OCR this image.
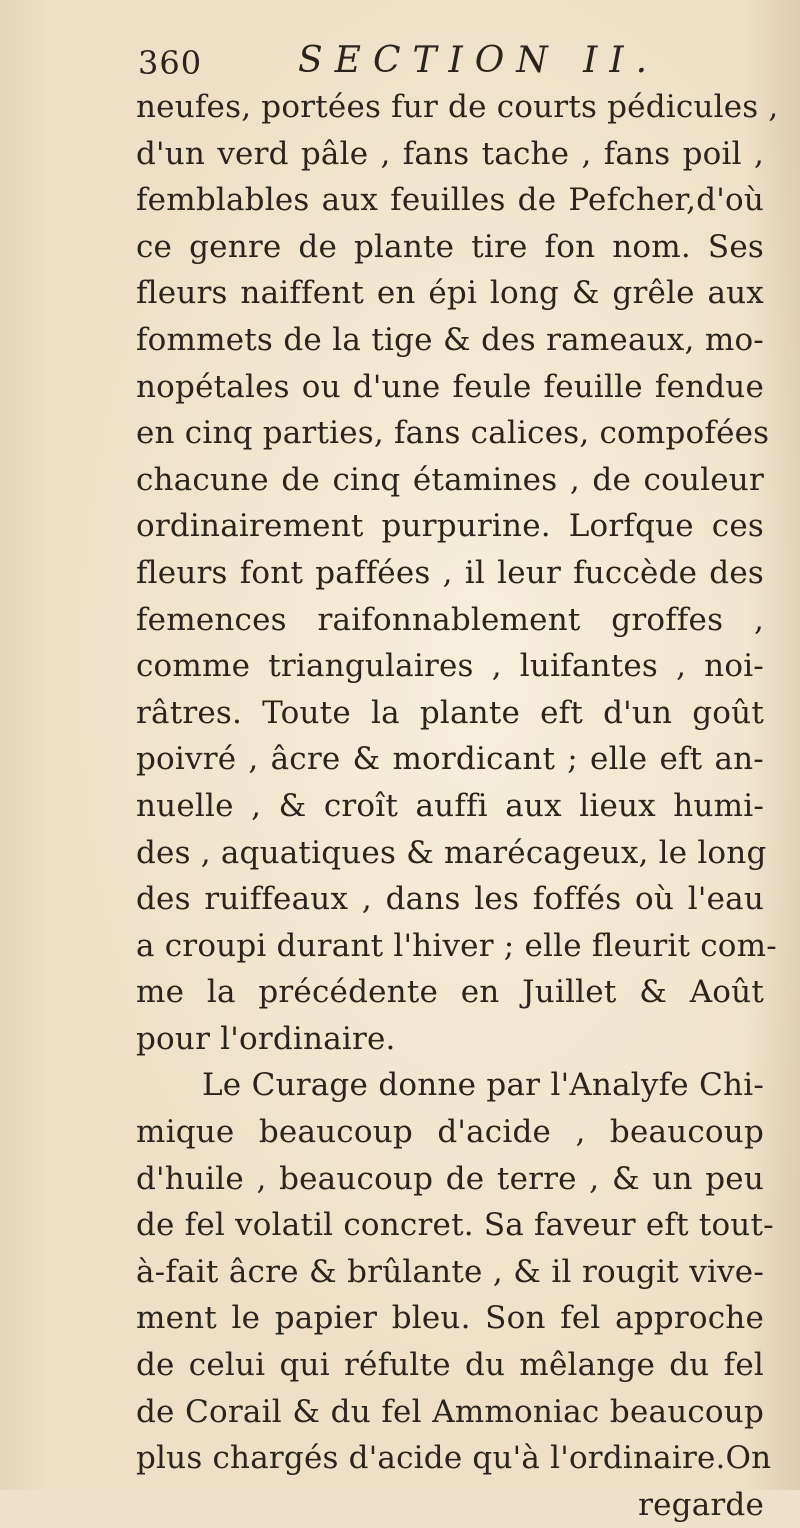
360	SECTION II.
neufes, portées fur de courts pédicules ,
d'un verd pâle , fans tache , fans poil ,
femblables aux feuilles de Pefcher,d'où
ce genre de plante tire fon nom. Ses
fleurs naiffent en épi long & grêle aux
fommets de la tige & des rameaux, mo-
nopétales ou d'une feule feuille fendue
en cinq parties, fans calices, compofées
chacune de cinq étamines , de couleur
ordinairement purpurine. Lorfque ces
fleurs font paffées , il leur fuccède des
femences raifonnablement groffes ,
comme triangulaires , luifantes , noi-
râtres. Toute la plante eft d'un goût
poivré , âcre & mordicant ; elle eft an-
nuelle , & croît auffi aux lieux humi-
des , aquatiques & marécageux, le long
des ruiffeaux , dans les foffés où l'eau
a croupi durant l'hiver ; elle fleurit com-
me la précédente en Juillet & Août
pour l'ordinaire.
Le Curage donne par l'Analyfe Chi-
mique beaucoup d'acide , beaucoup
d'huile , beaucoup de terre , & un peu
de fel volatil concret. Sa faveur eft tout-
à-fait âcre & brûlante , & il rougit vive-
ment le papier bleu. Son fel approche
de celui qui réfulte du mêlange du fel
de Corail & du fel Ammoniac beaucoup
plus chargés d'acide qu'à l'ordinaire.On
regarde
